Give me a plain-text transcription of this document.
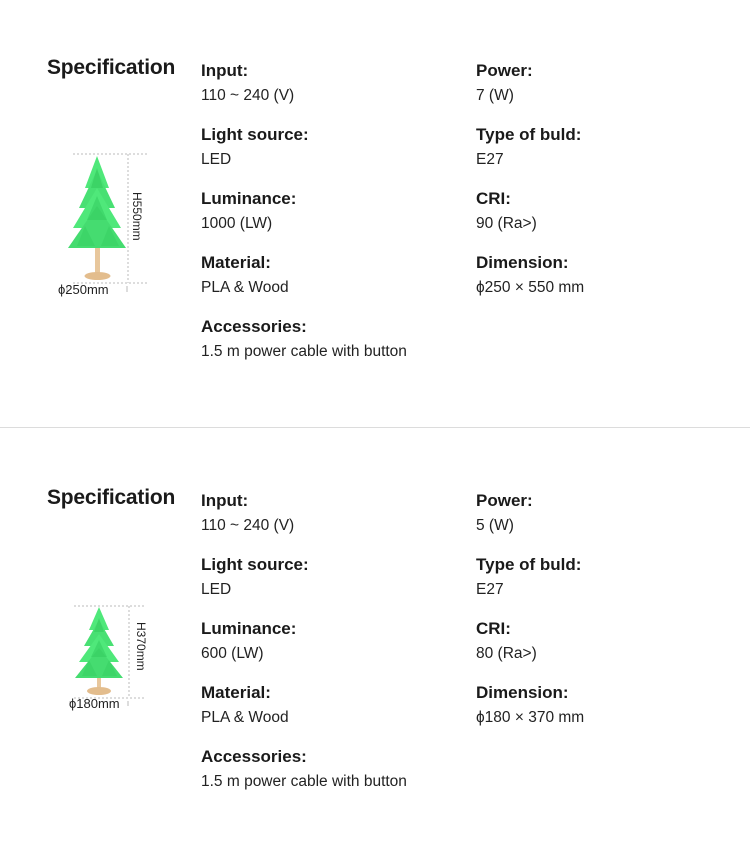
Specification
H550mm
ϕ250mm
Input:
110 ~ 240 (V)
Light source:
LED
Luminance:
1000 (LW)
Material:
PLA & Wood
Accessories:
1.5 m power cable with button
Power:
7 (W)
Type of buld:
E27
CRI:
90 (Ra>)
Dimension:
ϕ250 × 550 mm
Specification
H370mm
ϕ180mm
Input:
110 ~ 240 (V)
Light source:
LED
Luminance:
600 (LW)
Material:
PLA & Wood
Accessories:
1.5 m power cable with button
Power:
5 (W)
Type of buld:
E27
CRI:
80 (Ra>)
Dimension:
ϕ180 × 370 mm
